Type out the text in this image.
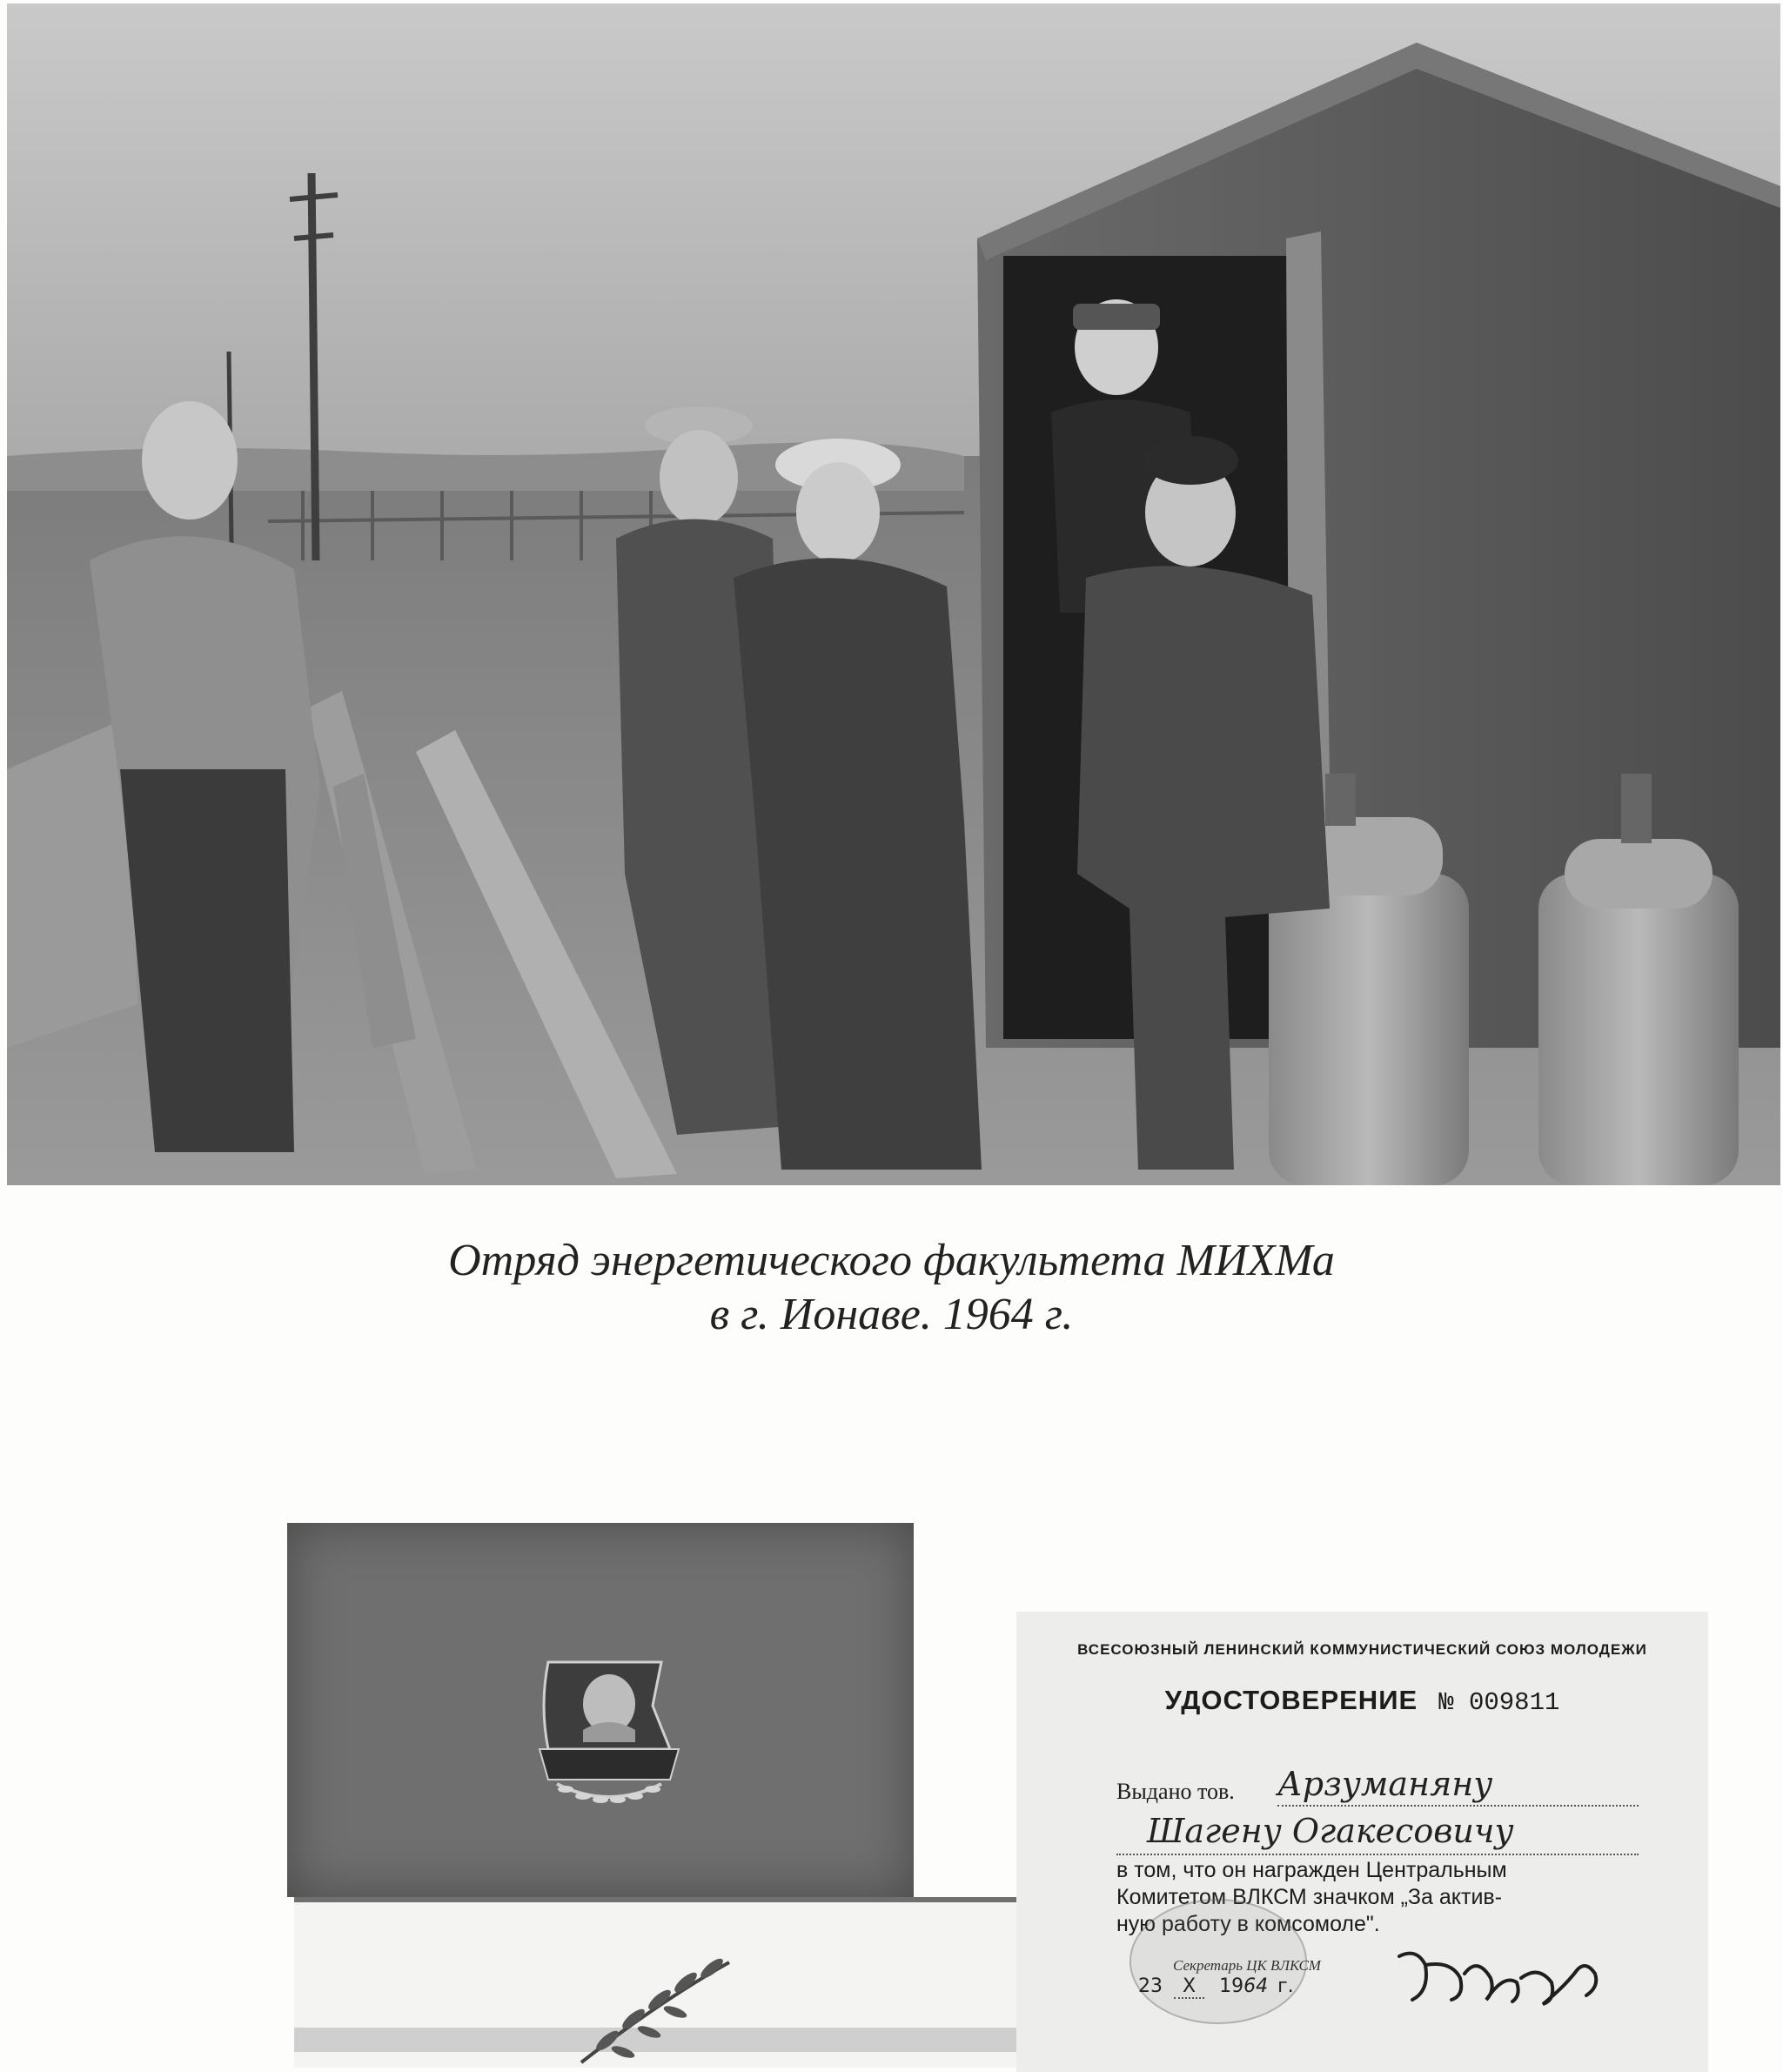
Отряд энергетического факультета МИХМа
в г. Ионаве. 1964 г.
ВСЕСОЮЗНЫЙ ЛЕНИНСКИЙ КОММУНИСТИЧЕСКИЙ СОЮЗ МОЛОДЕЖИ
УДОСТОВЕРЕНИЕ № 009811
Выдано тов. Арзуманяну
Шагену Огакесовичу
в том, что он награжден Центральным
Комитетом ВЛКСМ значком „За актив-
ную работу в комсомоле".
Секретарь ЦК ВЛКСМ
23 X 1964 г.
